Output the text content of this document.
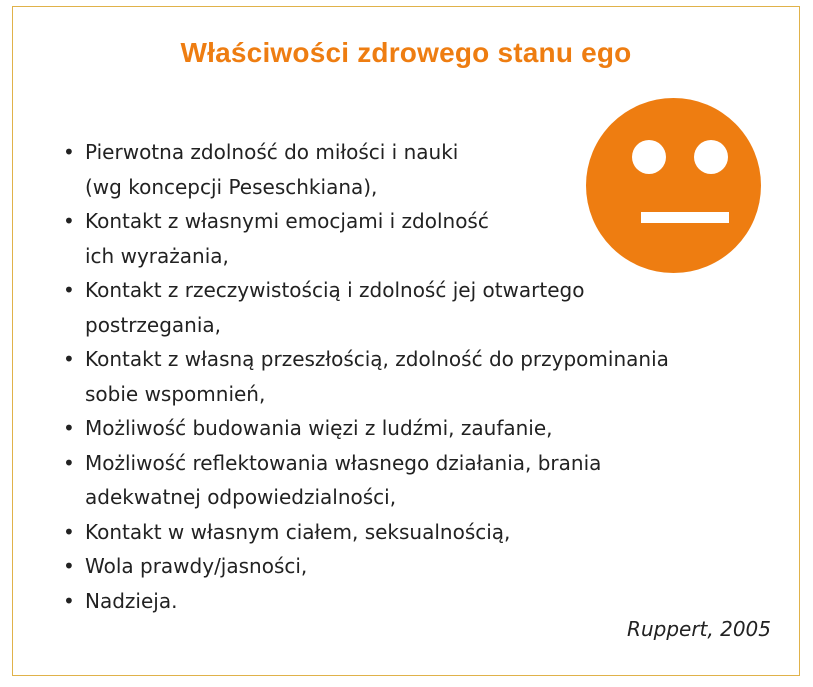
Właściwości zdrowego stanu ego
• Pierwotna zdolność do miłości i nauki
(wg koncepcji Peseschkiana),
• Kontakt z własnymi emocjami i zdolność
ich wyrażania,
• Kontakt z rzeczywistością i zdolność jej otwartego
postrzegania,
• Kontakt z własną przeszłością, zdolność do przypominania
sobie wspomnień,
• Możliwość budowania więzi z ludźmi, zaufanie,
• Możliwość reflektowania własnego działania, brania
adekwatnej odpowiedzialności,
• Kontakt w własnym ciałem, seksualnością,
• Wola prawdy/jasności,
• Nadzieja.
Ruppert, 2005
